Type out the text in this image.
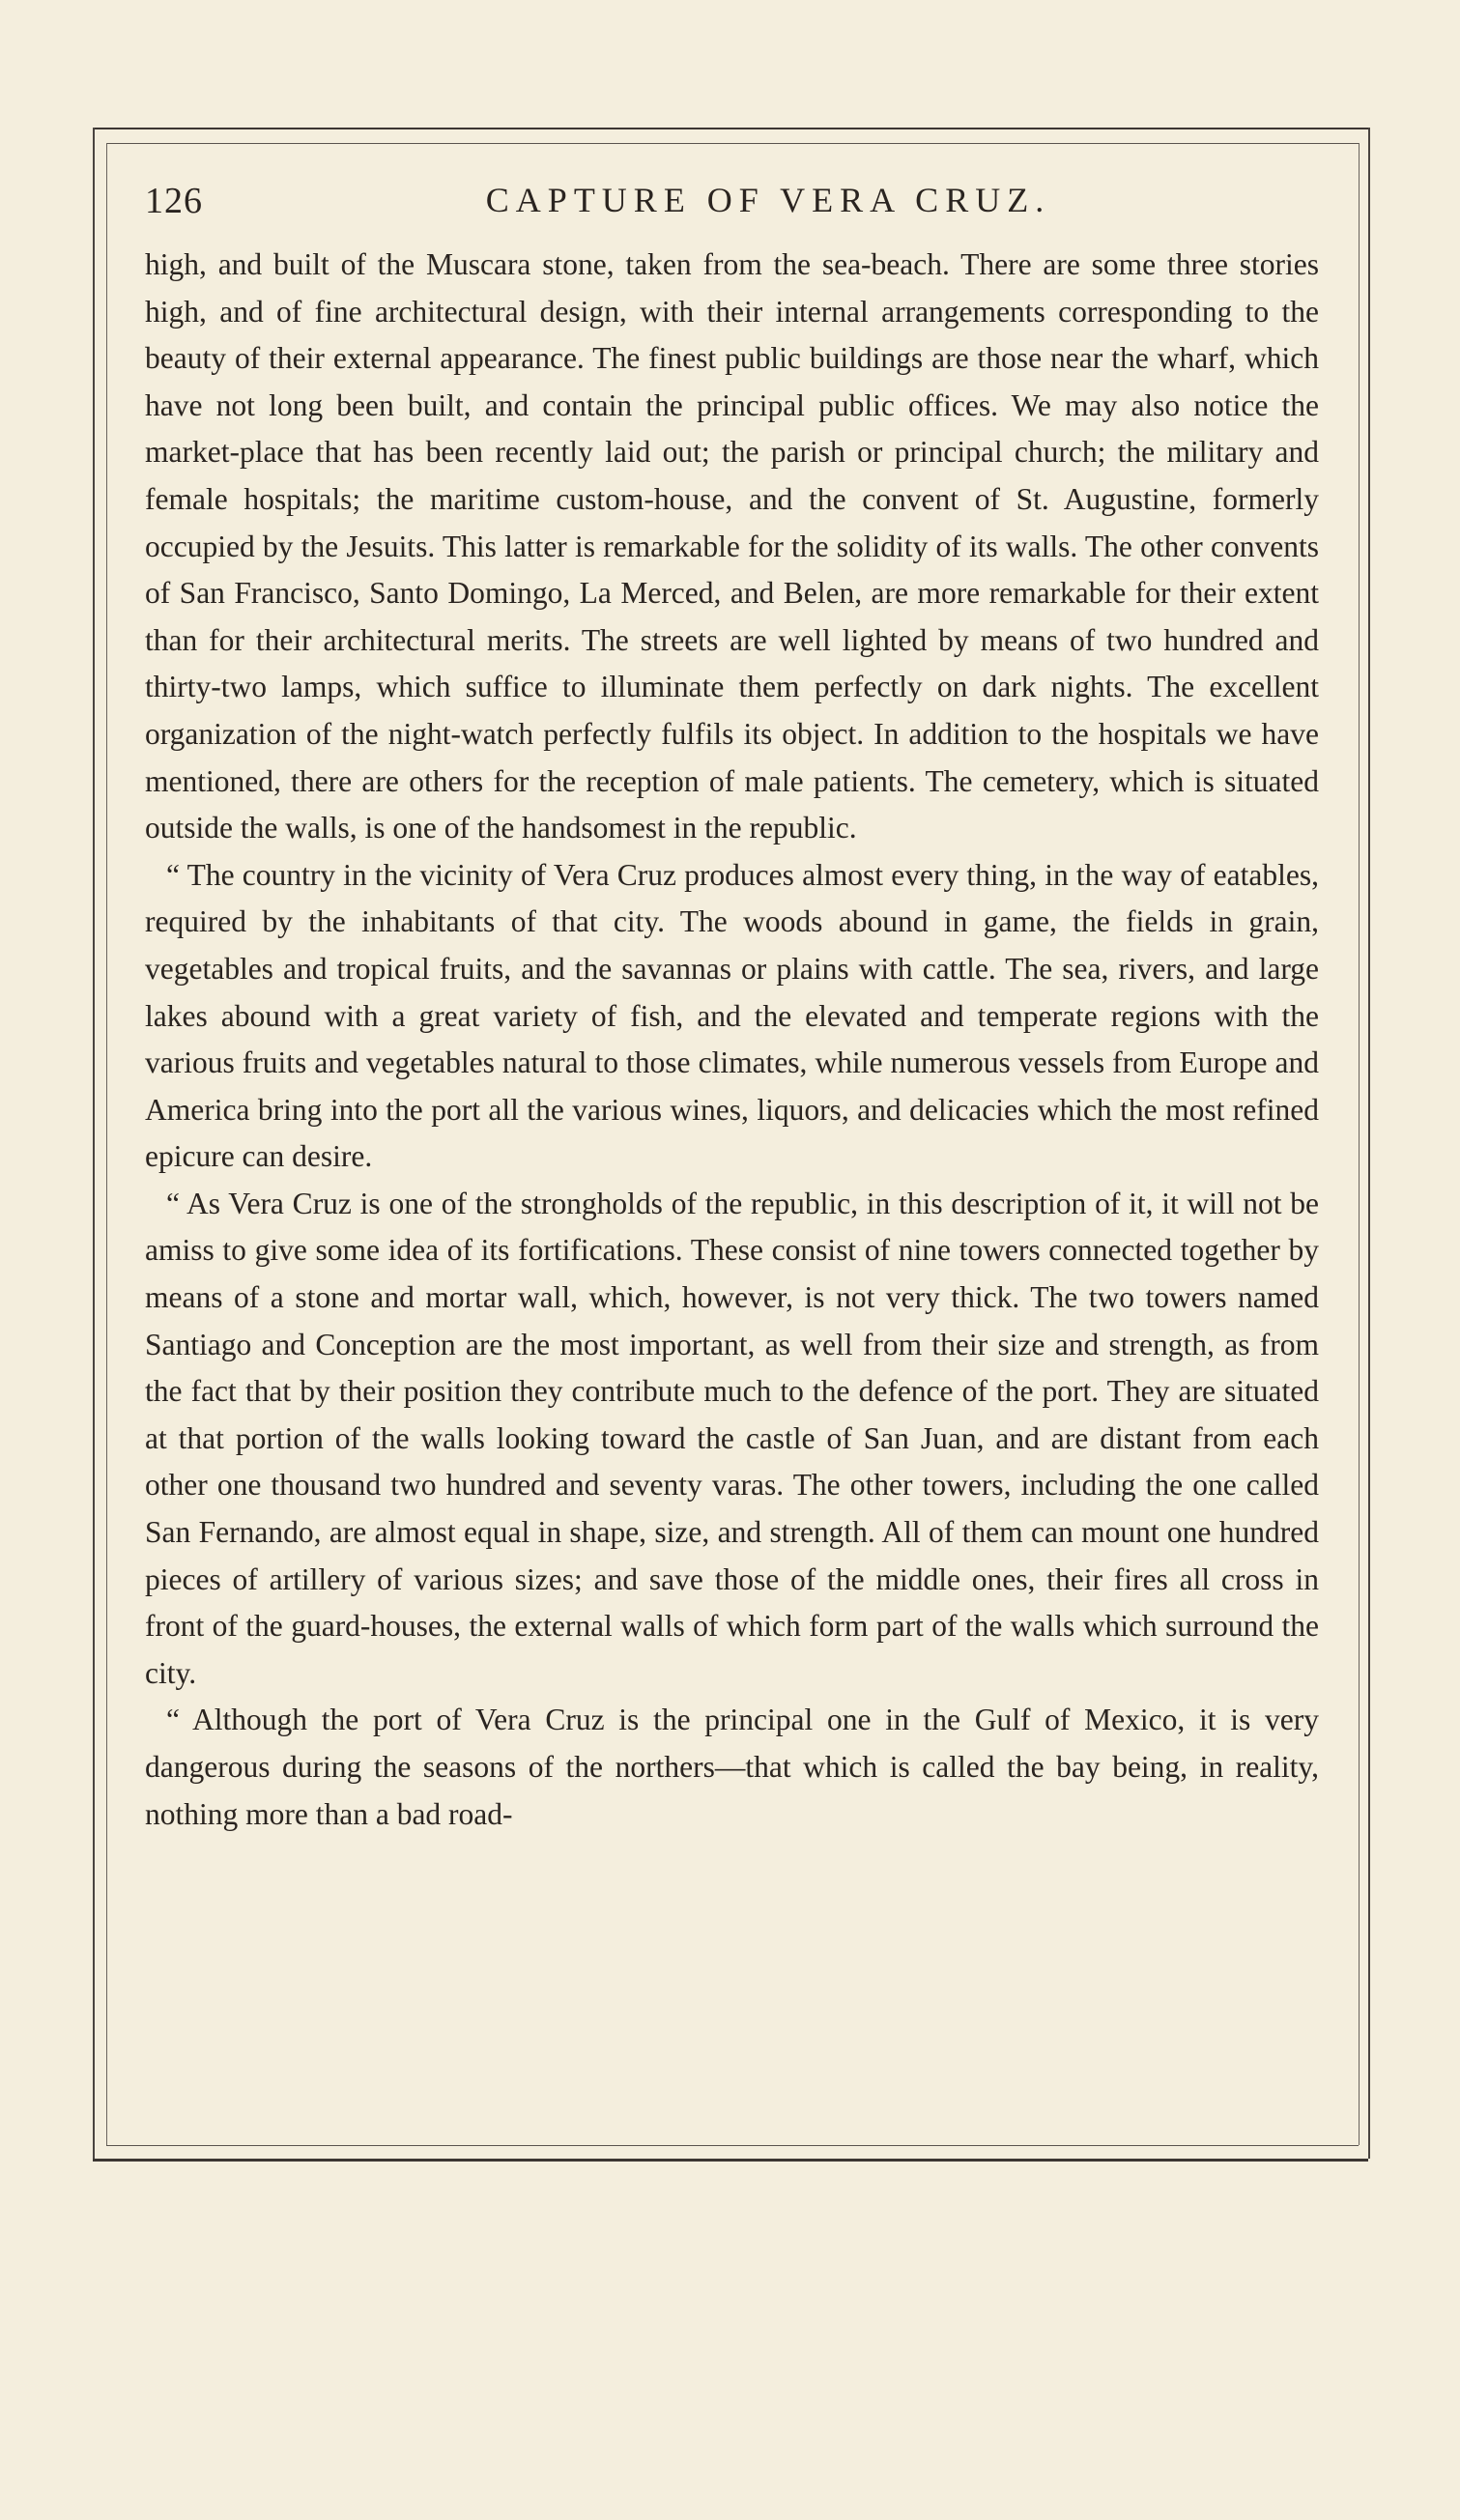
126	CAPTURE OF VERA CRUZ.

high, and built of the Muscara stone, taken from the sea-beach. There are some three stories high, and of fine architectural design, with their internal arrangements corresponding to the beauty of their external appearance. The finest public buildings are those near the wharf, which have not long been built, and contain the principal public offices. We may also notice the market-place that has been recently laid out; the parish or principal church; the military and female hospitals; the maritime custom-house, and the convent of St. Augustine, formerly occupied by the Jesuits. This latter is remarkable for the solidity of its walls. The other convents of San Francisco, Santo Domingo, La Merced, and Belen, are more remarkable for their extent than for their architectural merits. The streets are well lighted by means of two hundred and thirty-two lamps, which suffice to illuminate them perfectly on dark nights. The excellent organization of the night-watch perfectly fulfils its object. In addition to the hospitals we have mentioned, there are others for the reception of male patients. The cemetery, which is situated outside the walls, is one of the handsomest in the republic.

“ The country in the vicinity of Vera Cruz produces almost every thing, in the way of eatables, required by the inhabitants of that city. The woods abound in game, the fields in grain, vegetables and tropical fruits, and the savannas or plains with cattle. The sea, rivers, and large lakes abound with a great variety of fish, and the elevated and temperate regions with the various fruits and vegetables natural to those climates, while numerous vessels from Europe and America bring into the port all the various wines, liquors, and delicacies which the most refined epicure can desire.

“ As Vera Cruz is one of the strongholds of the republic, in this description of it, it will not be amiss to give some idea of its fortifications. These consist of nine towers connected together by means of a stone and mortar wall, which, however, is not very thick. The two towers named Santiago and Conception are the most important, as well from their size and strength, as from the fact that by their position they contribute much to the defence of the port. They are situated at that portion of the walls looking toward the castle of San Juan, and are distant from each other one thousand two hundred and seventy varas. The other towers, including the one called San Fernando, are almost equal in shape, size, and strength. All of them can mount one hundred pieces of artillery of various sizes; and save those of the middle ones, their fires all cross in front of the guard-houses, the external walls of which form part of the walls which surround the city.

“ Although the port of Vera Cruz is the principal one in the Gulf of Mexico, it is very dangerous during the seasons of the northers—that which is called the bay being, in reality, nothing more than a bad road-
